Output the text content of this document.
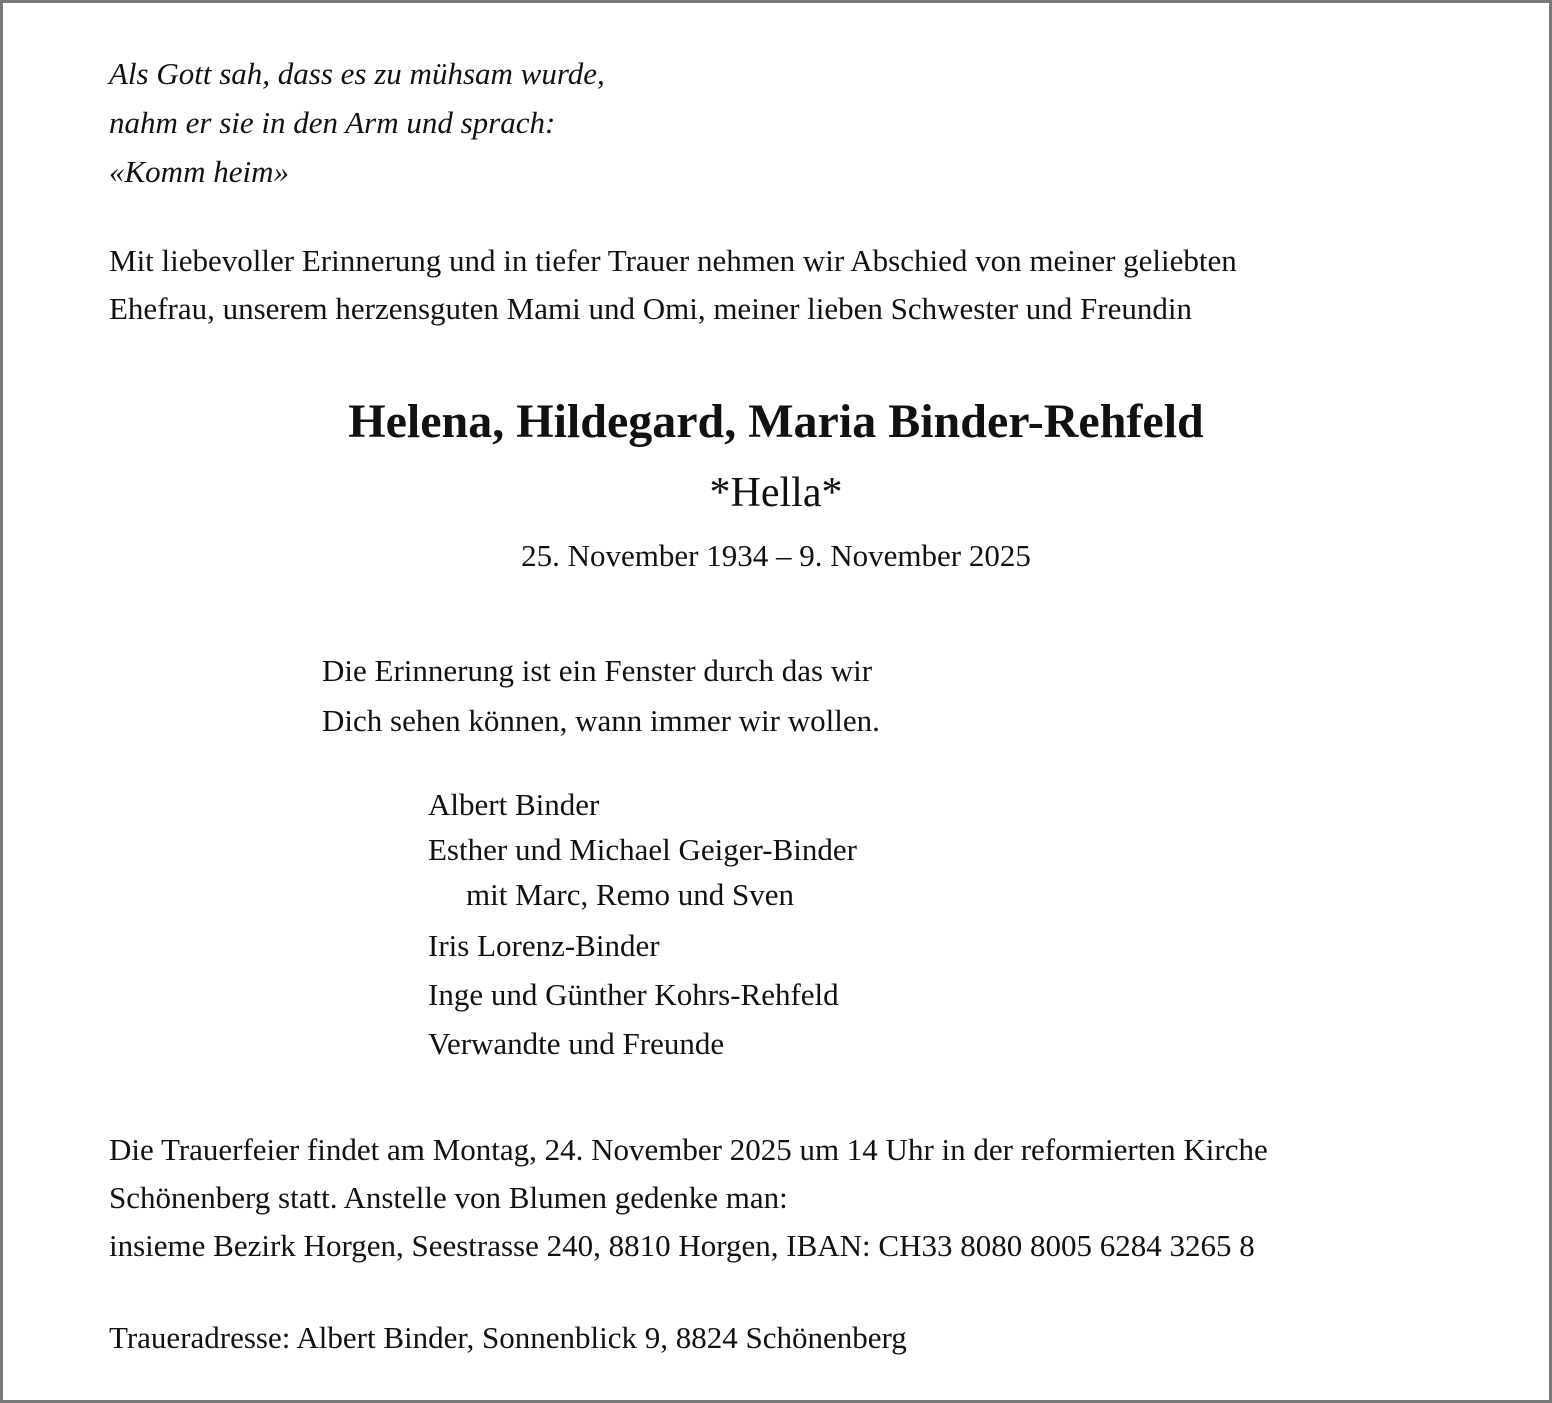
Als Gott sah, dass es zu mühsam wurde,
nahm er sie in den Arm und sprach:
«Komm heim»
Mit liebevoller Erinnerung und in tiefer Trauer nehmen wir Abschied von meiner geliebten
Ehefrau, unserem herzensguten Mami und Omi, meiner lieben Schwester und Freundin
Helena, Hildegard, Maria Binder-Rehfeld
*Hella*
25. November 1934 – 9. November 2025
Die Erinnerung ist ein Fenster durch das wir
Dich sehen können, wann immer wir wollen.
Albert Binder
Esther und Michael Geiger-Binder
mit Marc, Remo und Sven
Iris Lorenz-Binder
Inge und Günther Kohrs-Rehfeld
Verwandte und Freunde
Die Trauerfeier findet am Montag, 24. November 2025 um 14 Uhr in der reformierten Kirche
Schönenberg statt. Anstelle von Blumen gedenke man:
insieme Bezirk Horgen, Seestrasse 240, 8810 Horgen, IBAN: CH33 8080 8005 6284 3265 8
Traueradresse: Albert Binder, Sonnenblick 9, 8824 Schönenberg
